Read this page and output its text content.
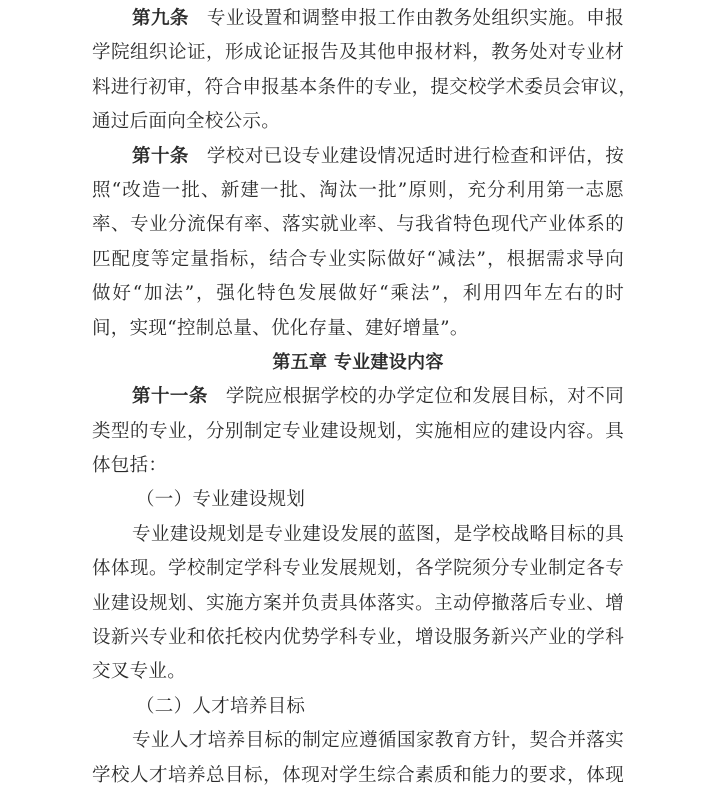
第九条 专业设置和调整申报工作由教务处组织实施。申报
学院组织论证，形成论证报告及其他申报材料，教务处对专业材
料进行初审，符合申报基本条件的专业，提交校学术委员会审议，
通过后面向全校公示。
第十条 学校对已设专业建设情况适时进行检查和评估，按
照“改造一批、新建一批、淘汰一批”原则，充分利用第一志愿
率、专业分流保有率、落实就业率、与我省特色现代产业体系的
匹配度等定量指标，结合专业实际做好“减法”，根据需求导向
做好“加法”，强化特色发展做好“乘法”，利用四年左右的时
间，实现“控制总量、优化存量、建好增量”。
第五章 专业建设内容
第十一条 学院应根据学校的办学定位和发展目标，对不同
类型的专业，分别制定专业建设规划，实施相应的建设内容。具
体包括：
（一）专业建设规划
专业建设规划是专业建设发展的蓝图，是学校战略目标的具
体体现。学校制定学科专业发展规划，各学院须分专业制定各专
业建设规划、实施方案并负责具体落实。主动停撤落后专业、增
设新兴专业和依托校内优势学科专业，增设服务新兴产业的学科
交叉专业。
（二）人才培养目标
专业人才培养目标的制定应遵循国家教育方针，契合并落实
学校人才培养总目标，体现对学生综合素质和能力的要求，体现
